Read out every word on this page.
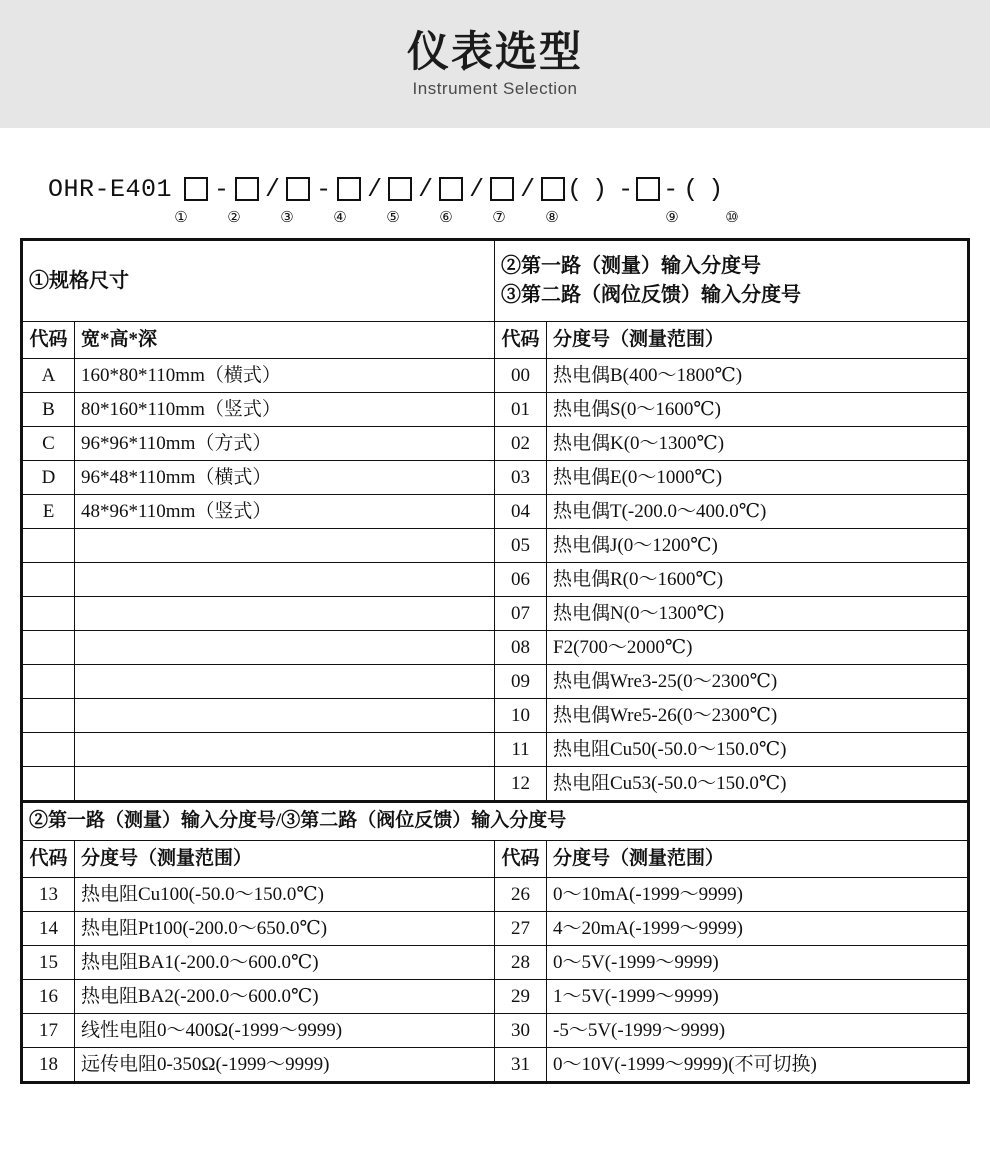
仪表选型
Instrument Selection
OHR-E401 - / - / / / / ( ) - - ( )
①	②	③	④	⑤	⑥	⑦	⑧	⑨	⑩
①规格尺寸		②第一路（测量）输入分度号
③第二路（阀位反馈）输入分度号	

代码	宽*高*深	代码	分度号（测量范围）
A	160*80*110mm（横式）	00	热电偶B(400～1800℃)
B	80*160*110mm（竖式）	01	热电偶S(0～1600℃)
C	96*96*110mm（方式）	02	热电偶K(0～1300℃)
D	96*48*110mm（横式）	03	热电偶E(0～1000℃)
E	48*96*110mm（竖式）	04	热电偶T(-200.0～400.0℃)
		05	热电偶J(0～1200℃)
		06	热电偶R(0～1600℃)
		07	热电偶N(0～1300℃)
		08	F2(700～2000℃)
		09	热电偶Wre3-25(0～2300℃)
		10	热电偶Wre5-26(0～2300℃)
		11	热电阻Cu50(-50.0～150.0℃)
		12	热电阻Cu53(-50.0～150.0℃)
②第一路（测量）输入分度号/③第二路（阀位反馈）输入分度号			
代码	分度号（测量范围）	代码	分度号（测量范围）
13	热电阻Cu100(-50.0～150.0℃)	26	0～10mA(-1999～9999)
14	热电阻Pt100(-200.0～650.0℃)	27	4～20mA(-1999～9999)
15	热电阻BA1(-200.0～600.0℃)	28	0～5V(-1999～9999)
16	热电阻BA2(-200.0～600.0℃)	29	1～5V(-1999～9999)
17	线性电阻0～400Ω(-1999～9999)	30	-5～5V(-1999～9999)
18	远传电阻0-350Ω(-1999～9999)	31	0～10V(-1999～9999)(不可切换)
